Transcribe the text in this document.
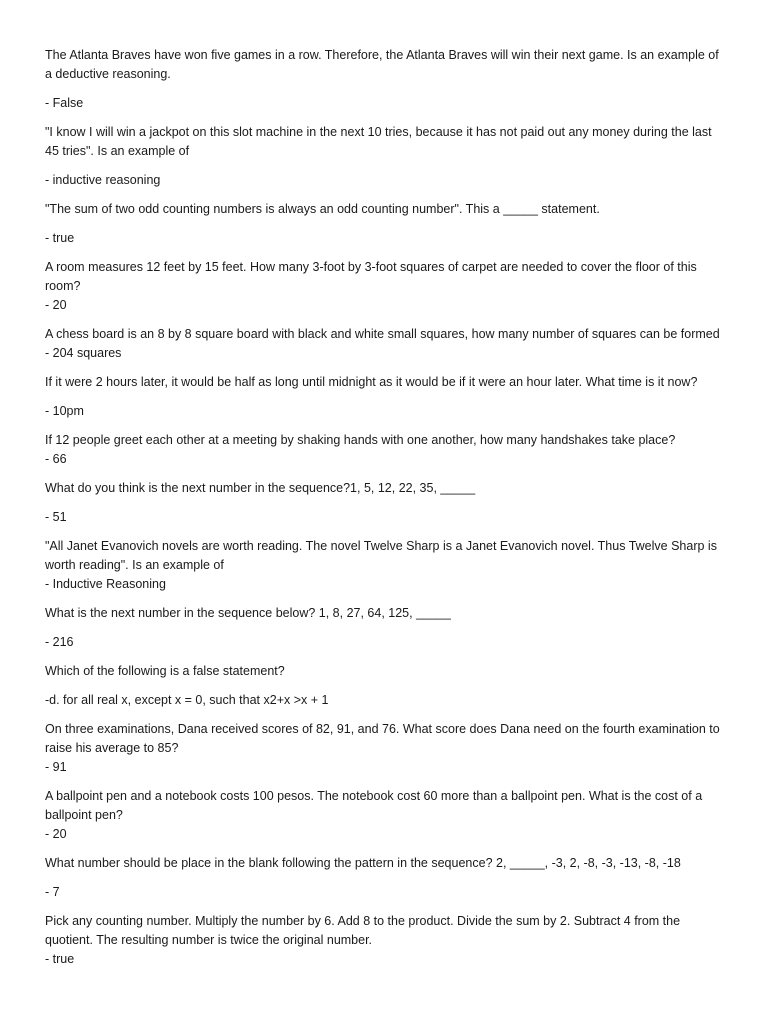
The Atlanta Braves have won five games in a row. Therefore, the Atlanta Braves will win their next game. Is an example of a deductive reasoning.

- False

"I know I will win a jackpot on this slot machine in the next 10 tries, because it has not paid out any money during the last 45 tries". Is an example of

- inductive reasoning

"The sum of two odd counting numbers is always an odd counting number". This a _____ statement.

- true

A room measures 12 feet by 15 feet. How many 3-foot by 3-foot squares of carpet are needed to cover the floor of this room?

- 20

A chess board is an 8 by 8 square board with black and white small squares, how many number of squares can be formed

- 204 squares

If it were 2 hours later, it would be half as long until midnight as it would be if it were an hour later. What time is it now?

- 10pm

If 12 people greet each other at a meeting by shaking hands with one another, how many handshakes take place?

- 66

What do you think is the next number in the sequence?1, 5, 12, 22, 35, _____

- 51

"All Janet Evanovich novels are worth reading. The novel Twelve Sharp is a Janet Evanovich novel. Thus Twelve Sharp is worth reading". Is an example of

- Inductive Reasoning

What is the next number in the sequence below? 1, 8, 27, 64, 125, _____

- 216

Which of the following is a false statement?

-d. for all real x, except x = 0, such that x2+x >x + 1

On three examinations, Dana received scores of 82, 91, and 76. What score does Dana need on the fourth examination to raise his average to 85?

- 91

A ballpoint pen and a notebook costs 100 pesos. The notebook cost 60 more than a ballpoint pen. What is the cost of a ballpoint pen?

- 20

What number should be place in the blank following the pattern in the sequence? 2, _____, -3, 2, -8, -3, -13, -8, -18

- 7

Pick any counting number. Multiply the number by 6. Add 8 to the product. Divide the sum by 2. Subtract 4 from the quotient. The resulting number is twice the original number.

- true
